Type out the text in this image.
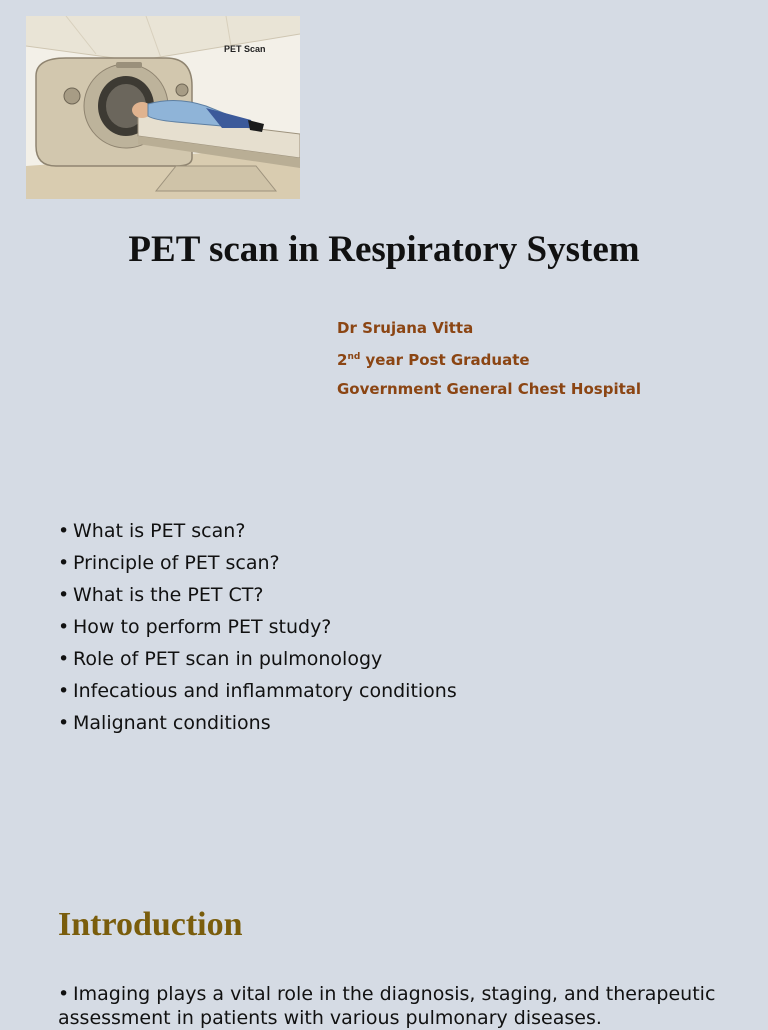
PET Scan
PET scan in Respiratory System
Dr Srujana Vitta
2nd year Post Graduate
Government General Chest Hospital
• What is PET scan?
• Principle of PET scan?
• What is the PET CT?
• How to perform PET study?
• Role of PET scan in pulmonology
• Infecatious and inflammatory conditions
• Malignant conditions
Introduction

• Imaging plays a vital role in the diagnosis, staging, and therapeutic assessment in patients with various pulmonary diseases.
